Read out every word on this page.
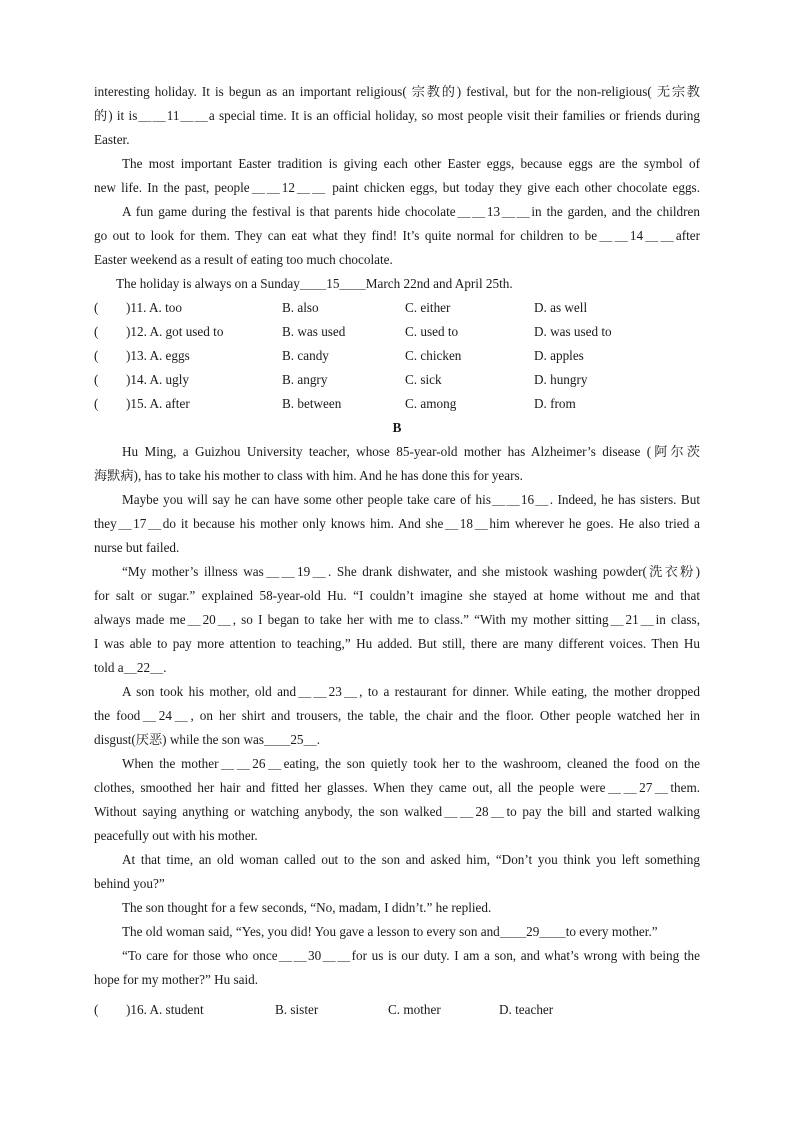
interesting holiday. It is begun as an important religious( 宗教的) festival, but for the non-religious( 无宗教
的) it is＿＿11＿＿a special time. It is an official holiday, so most people visit their families or friends during
Easter.
The most important Easter tradition is giving each other Easter eggs, because eggs are the symbol of
new life. In the past, people＿＿12＿＿ paint chicken eggs, but today they give each other chocolate eggs.
A fun game during the festival is that parents hide chocolate＿＿13＿＿in the garden, and the children
go out to look for them. They can eat what they find! It’s quite normal for children to be＿＿14＿＿after
Easter weekend as a result of eating too much chocolate.
The holiday is always on a Sunday＿＿15＿＿March 22nd and April 25th.
( )11. A. too	B. also	C. either	D. as well
( )12. A. got used to	B. was used	C. used to	D. was used to
( )13. A. eggs	B. candy	C. chicken	D. apples
( )14. A. ugly	B. angry	C. sick	D. hungry
( )15. A. after	B. between	C. among	D. from
B
Hu Ming, a Guizhou University teacher, whose 85-year-old mother has Alzheimer’s disease (阿尔茨
海默病), has to take his mother to class with him. And he has done this for years.
Maybe you will say he can have some other people take care of his＿＿16＿. Indeed, he has sisters. But
they＿17＿do it because his mother only knows him. And she＿18＿him wherever he goes. He also tried a
nurse but failed.
“My mother’s illness was＿＿19＿. She drank dishwater, and she mistook washing powder(洗衣粉)
for salt or sugar.” explained 58-year-old Hu. “I couldn’t imagine she stayed at home without me and that
always made me＿20＿, so I began to take her with me to class.” “With my mother sitting＿21＿in class,
I was able to pay more attention to teaching,” Hu added. But still, there are many different voices. Then Hu
told a＿22＿.
A son took his mother, old and＿＿23＿, to a restaurant for dinner. While eating, the mother dropped
the food＿24＿, on her shirt and trousers, the table, the chair and the floor. Other people watched her in
disgust(厌恶) while the son was＿＿25＿.
When the mother＿＿26＿eating, the son quietly took her to the washroom, cleaned the food on the
clothes, smoothed her hair and fitted her glasses. When they came out, all the people were＿＿27＿them.
Without saying anything or watching anybody, the son walked＿＿28＿to pay the bill and started walking
peacefully out with his mother.
At that time, an old woman called out to the son and asked him, “Don’t you think you left something
behind you?”
The son thought for a few seconds, “No, madam, I didn’t.” he replied.
The old woman said, “Yes, you did! You gave a lesson to every son and＿＿29＿＿to every mother.”
“To care for those who once＿＿30＿＿for us is our duty. I am a son, and what’s wrong with being the
hope for my mother?” Hu said.
( )16. A. student	B. sister	C. mother	D. teacher
